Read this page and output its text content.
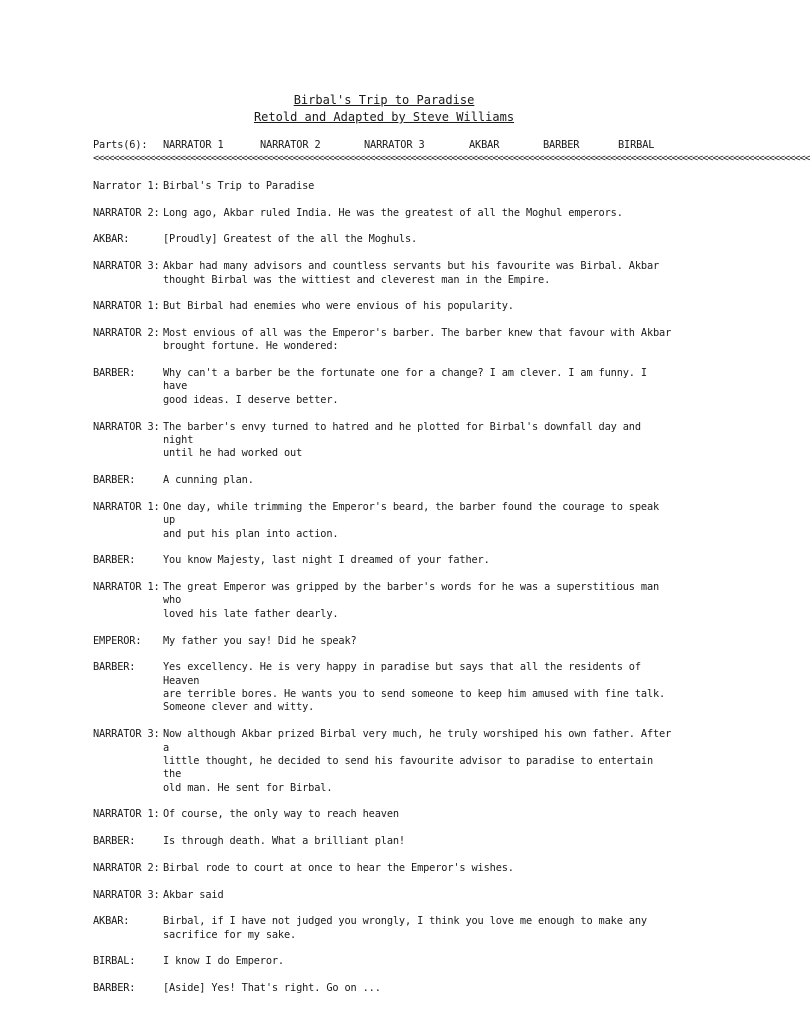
Birbal's Trip to Paradise
Retold and Adapted by Steve Williams
Parts(6): NARRATOR 1	NARRATOR 2	NARRATOR 3	AKBAR	BARBER	BIRBAL
<<<<<<<<<<<<<<<<<<<<<<<<<<<<<<<<<<<<<<<<<<<<<<<<<<<<<<<<<<<<<<<<<<<<<<<<<<<<<<<<<<<<<<<<<<<<<<<<<<<<<<<<<<<<<<<<<<<<<<<<<<<<<<<<<<<<<<<<<<<<
Narrator 1: Birbal's Trip to Paradise
NARRATOR 2: Long ago, Akbar ruled India. He was the greatest of all the Moghul emperors.
AKBAR:	[Proudly] Greatest of the all the Moghuls.
NARRATOR 3: Akbar had many advisors and countless servants but his favourite was Birbal. Akbar
thought Birbal was the wittiest and cleverest man in the Empire.
NARRATOR 1: But Birbal had enemies who were envious of his popularity.
NARRATOR 2: Most envious of all was the Emperor's barber. The barber knew that favour with Akbar
brought fortune. He wondered:
BARBER:	Why can't a barber be the fortunate one for a change? I am clever. I am funny. I have
good ideas. I deserve better.
NARRATOR 3: The barber's envy turned to hatred and he plotted for Birbal's downfall day and night
until he had worked out
BARBER:	A cunning plan.
NARRATOR 1: One day, while trimming the Emperor's beard, the barber found the courage to speak up
and put his plan into action.
BARBER:	You know Majesty, last night I dreamed of your father.
NARRATOR 1: The great Emperor was gripped by the barber's words for he was a superstitious man who
loved his late father dearly.
EMPEROR:	My father you say! Did he speak?
BARBER:	Yes excellency. He is very happy in paradise but says that all the residents of Heaven
are terrible bores. He wants you to send someone to keep him amused with fine talk.
Someone clever and witty.
NARRATOR 3: Now although Akbar prized Birbal very much, he truly worshiped his own father. After a
little thought, he decided to send his favourite advisor to paradise to entertain the
old man. He sent for Birbal.
NARRATOR 1: Of course, the only way to reach heaven
BARBER:	Is through death. What a brilliant plan!
NARRATOR 2: Birbal rode to court at once to hear the Emperor's wishes.
NARRATOR 3: Akbar said
AKBAR:	Birbal, if I have not judged you wrongly, I think you love me enough to make any
sacrifice for my sake.
BIRBAL:	I know I do Emperor.
BARBER:	[Aside] Yes! That's right. Go on ...
